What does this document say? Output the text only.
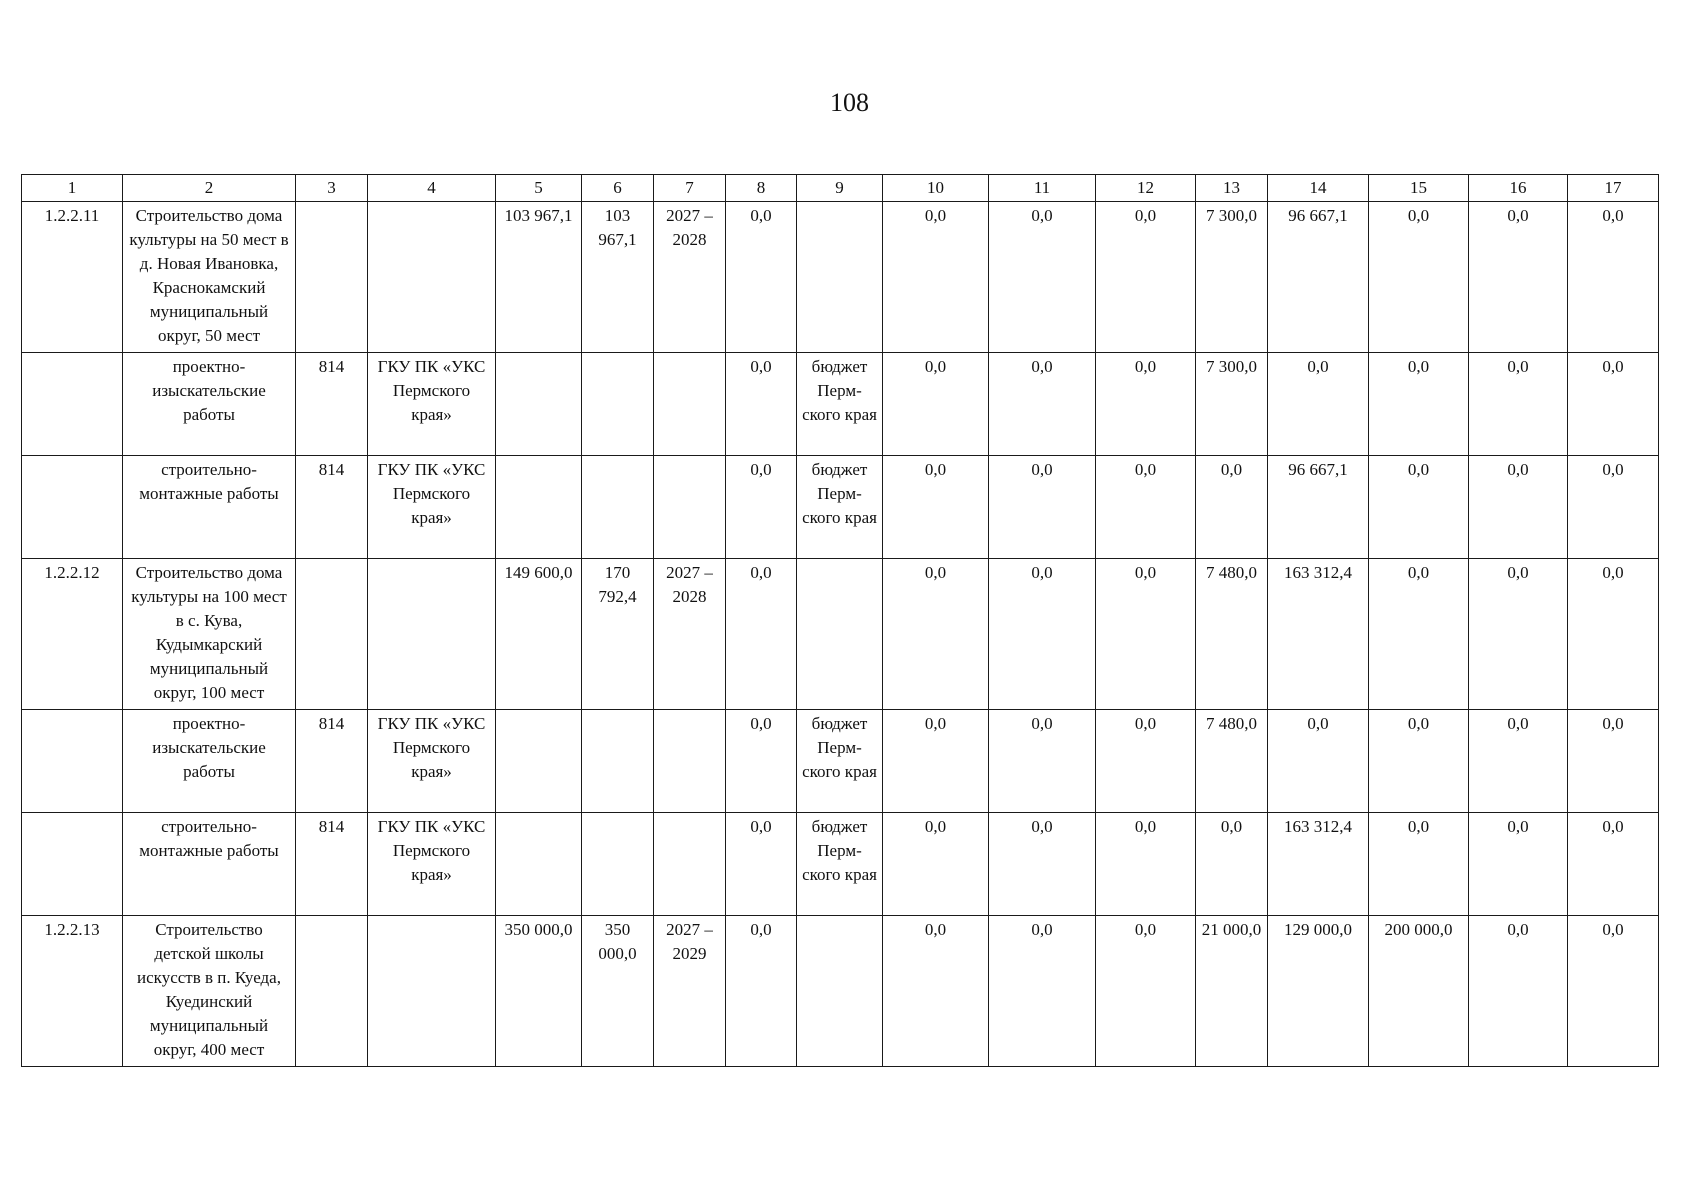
108
1	2	3	4	5	6	7	8	9	10	11	12	13	14	15	16	17
1.2.2.11	Строительство дома культуры на 50 мест в д. Новая Ивановка, Краснокамский муниципальный округ, 50 мест			103 967,1	103 967,1	2027 – 2028	0,0		0,0	0,0	0,0	7 300,0	96 667,1	0,0	0,0	0,0
	проектно-изыскательские работы	814	ГКУ ПК «УКС Пермского края»				0,0	бюджет Перм-ского края	0,0	0,0	0,0	7 300,0	0,0	0,0	0,0	0,0
	строительно-монтажные работы	814	ГКУ ПК «УКС Пермского края»				0,0	бюджет Перм-ского края	0,0	0,0	0,0	0,0	96 667,1	0,0	0,0	0,0
1.2.2.12	Строительство дома культуры на 100 мест в с. Кува, Кудымкарский муниципальный округ, 100 мест			149 600,0	170 792,4	2027 – 2028	0,0		0,0	0,0	0,0	7 480,0	163 312,4	0,0	0,0	0,0
	проектно-изыскательские работы	814	ГКУ ПК «УКС Пермского края»				0,0	бюджет Перм-ского края	0,0	0,0	0,0	7 480,0	0,0	0,0	0,0	0,0
	строительно-монтажные работы	814	ГКУ ПК «УКС Пермского края»				0,0	бюджет Перм-ского края	0,0	0,0	0,0	0,0	163 312,4	0,0	0,0	0,0
1.2.2.13	Строительство детской школы искусств в п. Куеда, Куединский муниципальный округ, 400 мест			350 000,0	350 000,0	2027 – 2029	0,0		0,0	0,0	0,0	21 000,0	129 000,0	200 000,0	0,0	0,0
